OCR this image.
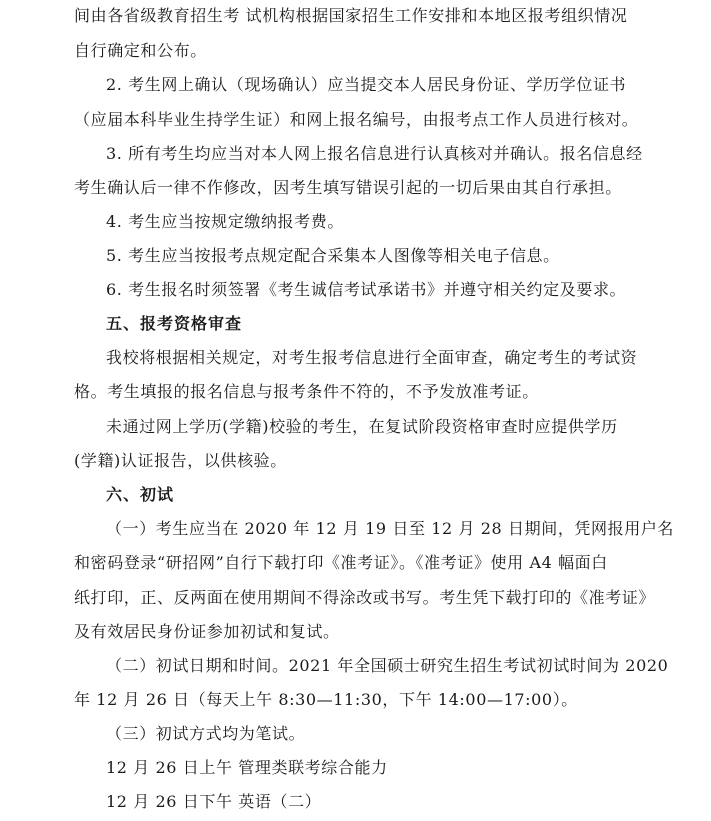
间由各省级教育招生考 试机构根据国家招生工作安排和本地区报考组织情况
自行确定和公布。
2. 考生网上确认（现场确认）应当提交本人居民身份证、学历学位证书
（应届本科毕业生持学生证）和网上报名编号，由报考点工作人员进行核对。
3. 所有考生均应当对本人网上报名信息进行认真核对并确认。报名信息经
考生确认后一律不作修改，因考生填写错误引起的一切后果由其自行承担。
4. 考生应当按规定缴纳报考费。
5. 考生应当按报考点规定配合采集本人图像等相关电子信息。
6. 考生报名时须签署《考生诚信考试承诺书》并遵守相关约定及要求。
五、报考资格审查
我校将根据相关规定，对考生报考信息进行全面审查，确定考生的考试资
格。考生填报的报名信息与报考条件不符的，不予发放准考证。
未通过网上学历(学籍)校验的考生，在复试阶段资格审查时应提供学历
(学籍)认证报告，以供核验。
六、初试
（一）考生应当在 2020 年 12 月 19 日至 12 月 28 日期间，凭网报用户名
和密码登录“研招网”自行下载打印《准考证》。《准考证》使用 A4 幅面白
纸打印，正、反两面在使用期间不得涂改或书写。考生凭下载打印的《准考证》
及有效居民身份证参加初试和复试。
（二）初试日期和时间。2021 年全国硕士研究生招生考试初试时间为 2020
年 12 月 26 日（每天上午 8:30—11:30，下午 14:00—17:00）。
（三）初试方式均为笔试。
12 月 26 日上午 管理类联考综合能力
12 月 26 日下午 英语（二）
